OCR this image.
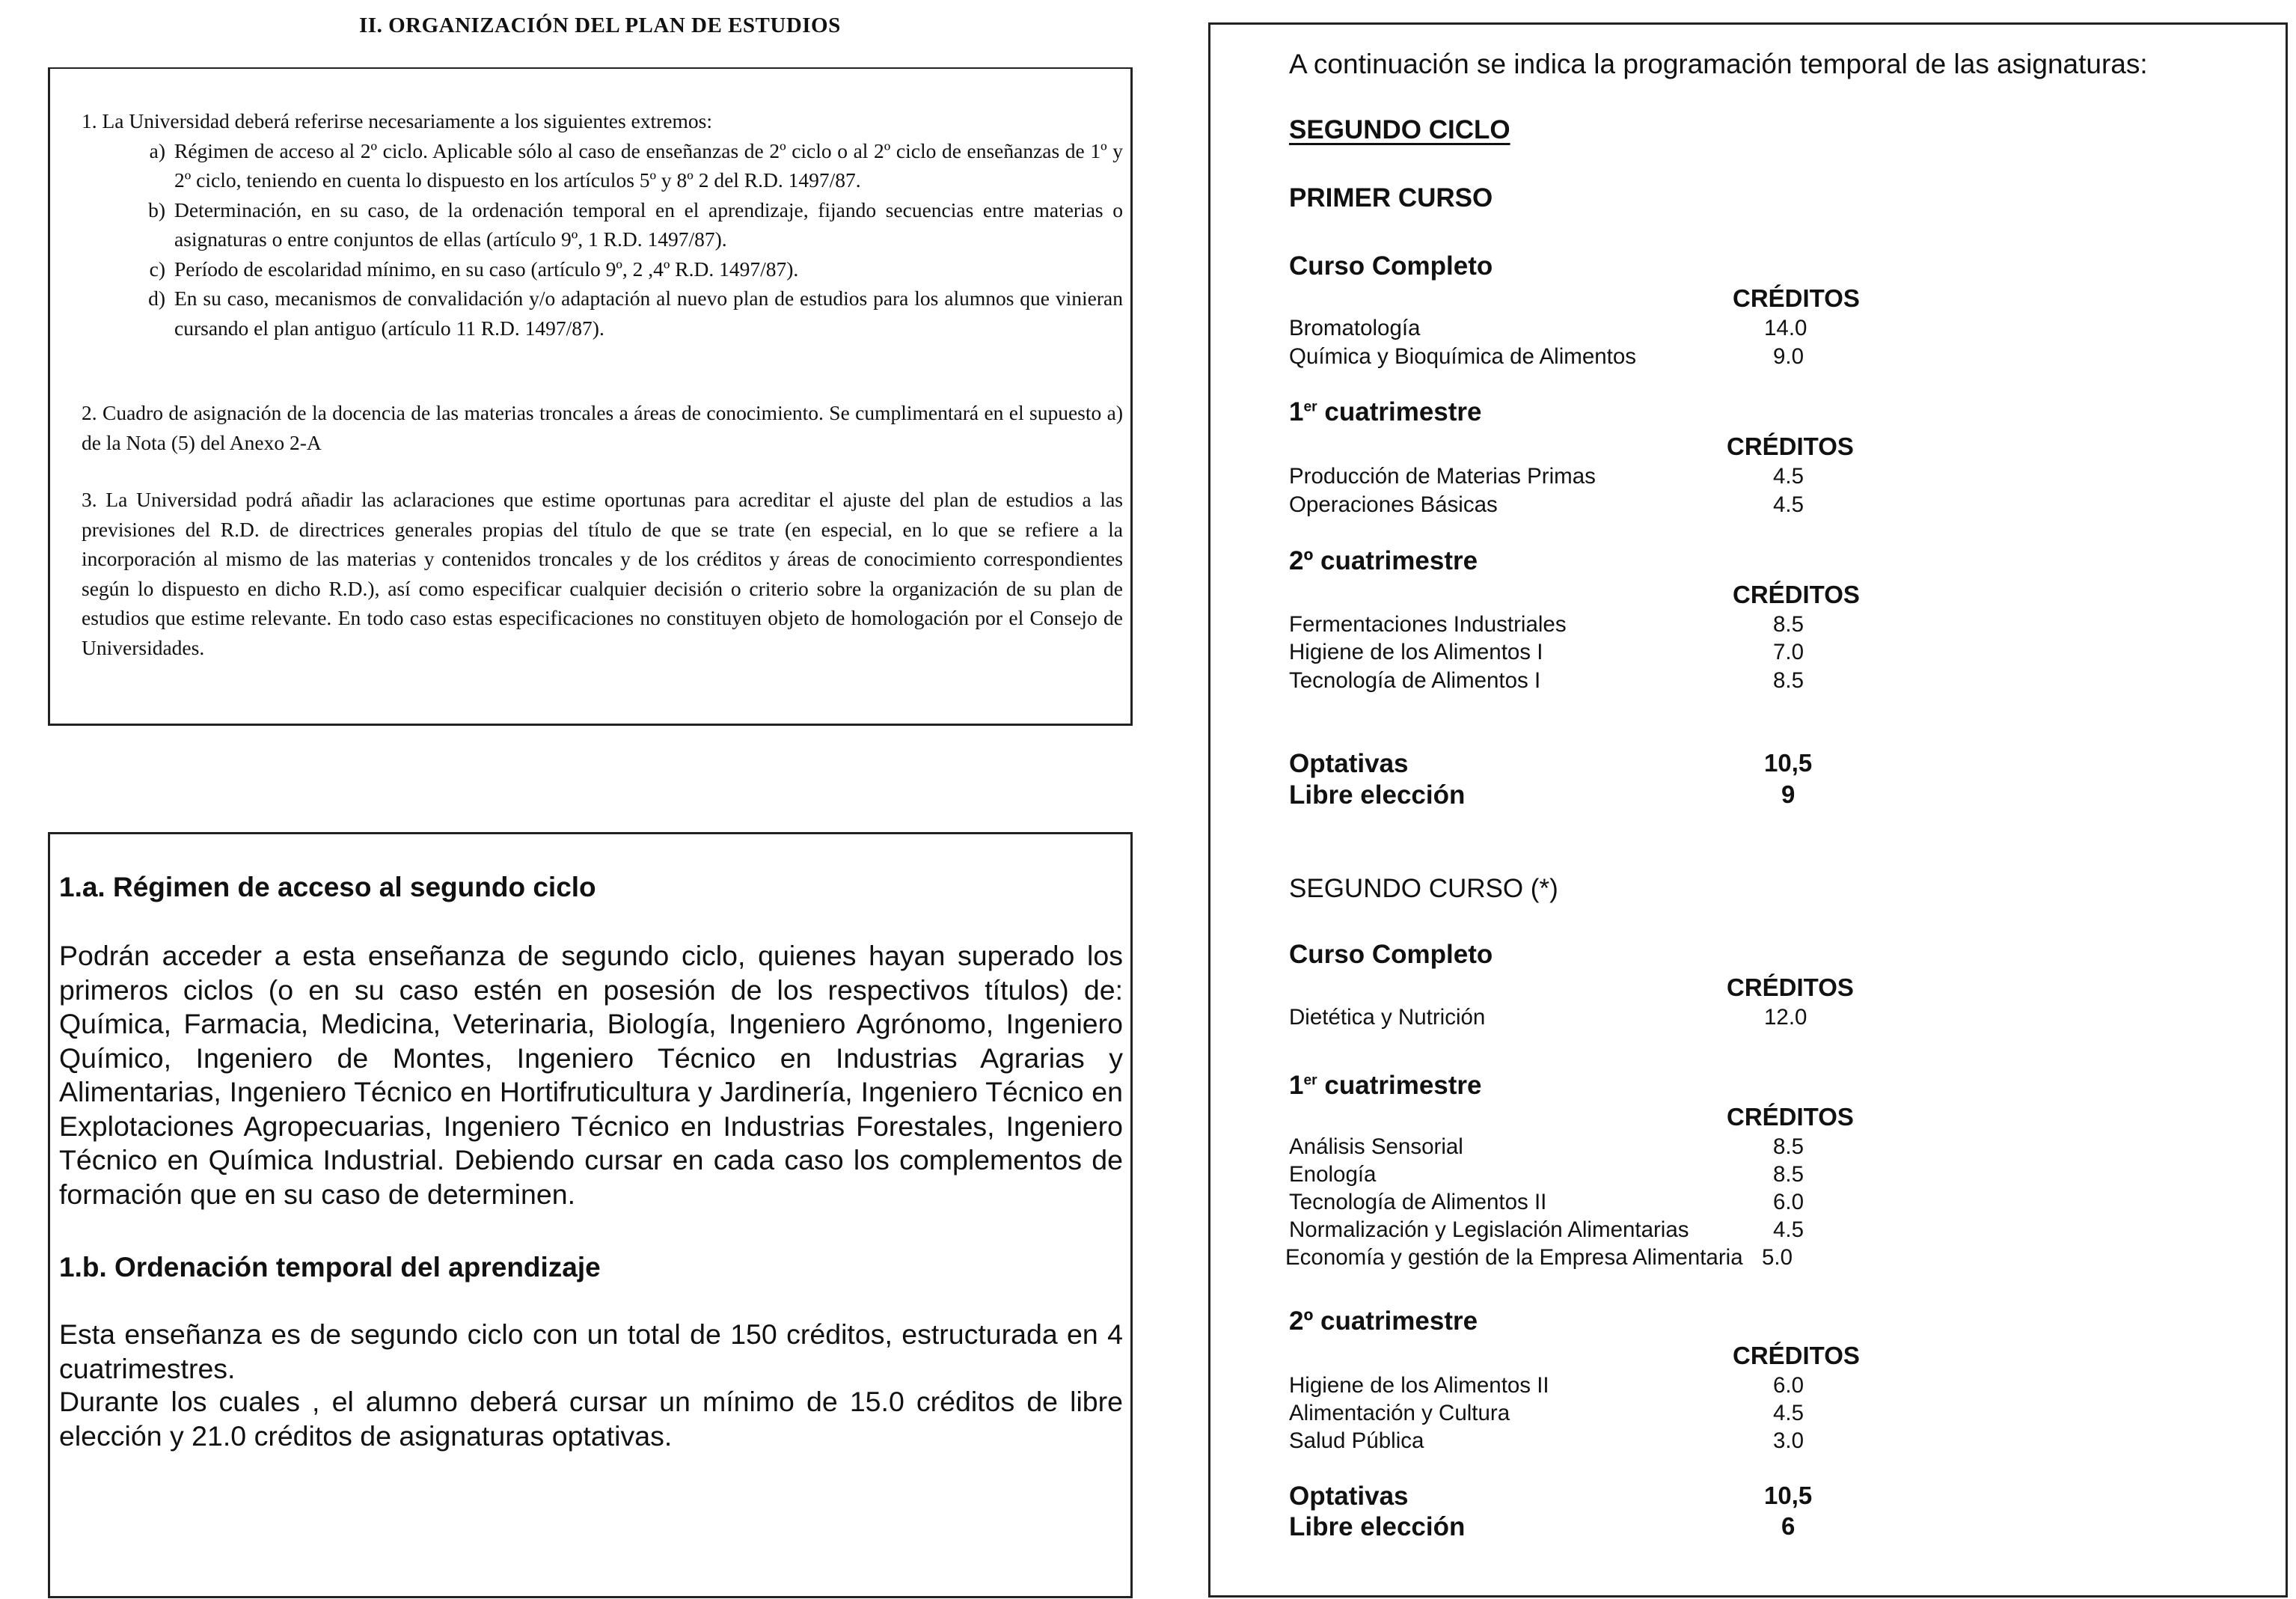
II. ORGANIZACIÓN DEL PLAN DE ESTUDIOS
1. La Universidad deberá referirse necesariamente a los siguientes extremos:
a) Régimen de acceso al 2º ciclo. Aplicable sólo al caso de enseñanzas de 2º ciclo o al 2º ciclo de enseñanzas de 1º y 2º ciclo, teniendo en cuenta lo dispuesto en los artículos 5º y 8º 2 del R.D. 1497/87.
b) Determinación, en su caso, de la ordenación temporal en el aprendizaje, fijando secuencias entre materias o asignaturas o entre conjuntos de ellas (artículo 9º, 1 R.D. 1497/87).
c) Período de escolaridad mínimo, en su caso (artículo 9º, 2 ,4º R.D. 1497/87).
d) En su caso, mecanismos de convalidación y/o adaptación al nuevo plan de estudios para los alumnos que vinieran cursando el plan antiguo (artículo 11 R.D. 1497/87).
2. Cuadro de asignación de la docencia de las materias troncales a áreas de conocimiento. Se cumplimentará en el supuesto a) de la Nota (5) del Anexo 2-A
3. La Universidad podrá añadir las aclaraciones que estime oportunas para acreditar el ajuste del plan de estudios a las previsiones del R.D. de directrices generales propias del título de que se trate (en especial, en lo que se refiere a la incorporación al mismo de las materias y contenidos troncales y de los créditos y áreas de conocimiento correspondientes según lo dispuesto en dicho R.D.), así como especificar cualquier decisión o criterio sobre la organización de su plan de estudios que estime relevante. En todo caso estas especificaciones no constituyen objeto de homologación por el Consejo de Universidades.
1.a. Régimen de acceso al segundo ciclo
Podrán acceder a esta enseñanza de segundo ciclo, quienes hayan superado los primeros ciclos (o en su caso estén en posesión de los respectivos títulos) de: Química, Farmacia, Medicina, Veterinaria, Biología, Ingeniero Agrónomo, Ingeniero Químico, Ingeniero de Montes, Ingeniero Técnico en Industrias Agrarias y Alimentarias, Ingeniero Técnico en Hortifruticultura y Jardinería, Ingeniero Técnico en Explotaciones Agropecuarias, Ingeniero Técnico en Industrias Forestales, Ingeniero Técnico en Química Industrial. Debiendo cursar en cada caso los complementos de formación que en su caso de determinen.
1.b. Ordenación temporal del aprendizaje
Esta enseñanza es de segundo ciclo con un total de 150 créditos, estructurada en 4 cuatrimestres.
Durante los cuales , el alumno deberá cursar un mínimo de 15.0 créditos de libre elección y 21.0 créditos de asignaturas optativas.
A continuación se indica la programación temporal de las asignaturas:
SEGUNDO CICLO
PRIMER CURSO
Curso Completo
CRÉDITOS
Bromatología	14.0
Química y Bioquímica de Alimentos	9.0
1er cuatrimestre
CRÉDITOS
Producción de Materias Primas	4.5
Operaciones Básicas	4.5
2º cuatrimestre
CRÉDITOS
Fermentaciones Industriales	8.5
Higiene de los Alimentos I	7.0
Tecnología de Alimentos I	8.5
Optativas	10,5
Libre elección	9
SEGUNDO CURSO (*)
Curso Completo
CRÉDITOS
Dietética y Nutrición	12.0
1er cuatrimestre
CRÉDITOS
Análisis Sensorial	8.5
Enología	8.5
Tecnología de Alimentos II	6.0
Normalización y Legislación Alimentarias	4.5
Economía y gestión de la Empresa Alimentaria 5.0
2º cuatrimestre
CRÉDITOS
Higiene de los Alimentos II	6.0
Alimentación y Cultura	4.5
Salud Pública	3.0
Optativas	10,5
Libre elección	6
